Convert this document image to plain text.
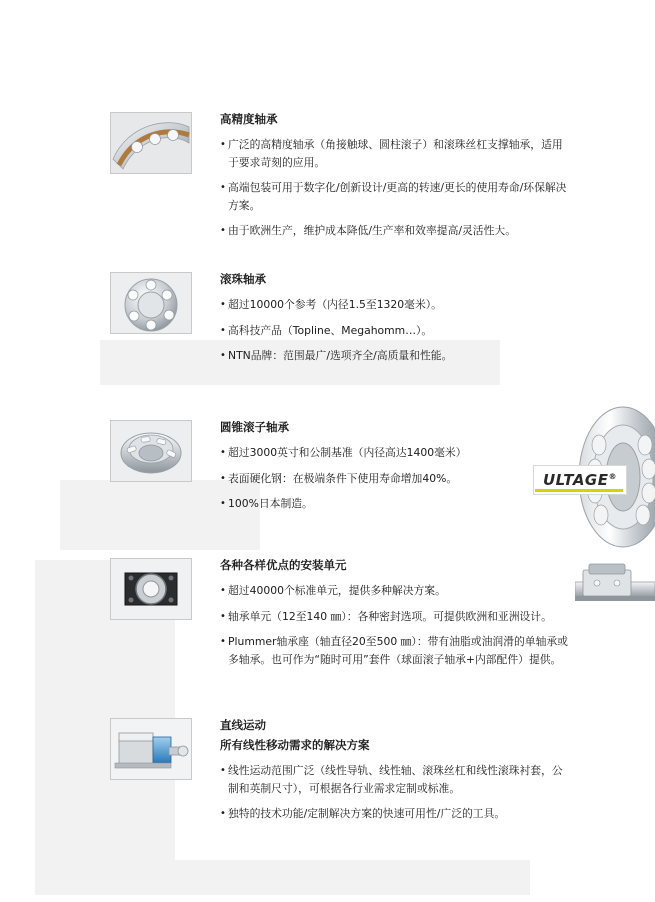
ULTAGE®
高精度轴承
• 广泛的高精度轴承（角接触球、圆柱滚子）和滚珠丝杠支撑轴承，适用于要求苛刻的应用。
• 高端包装可用于数字化/创新设计/更高的转速/更长的使用寿命/环保解决方案。
• 由于欧洲生产，维护成本降低/生产率和效率提高/灵活性大。
滚珠轴承
• 超过10000个参考（内径1.5至1320毫米）。
• 高科技产品（Topline、Megahomm…）。
• NTN品牌：范围最广/选项齐全/高质量和性能。
圆锥滚子轴承
• 超过3000英寸和公制基准（内径高达1400毫米）
• 表面硬化钢：在极端条件下使用寿命增加40%。
• 100%日本制造。
各种各样优点的安装单元
• 超过40000个标准单元，提供多种解决方案。
• 轴承单元（12至140 ㎜）：各种密封选项。可提供欧洲和亚洲设计。
• Plummer轴承座（轴直径20至500 ㎜）：带有油脂或油润滑的单轴承或多轴承。也可作为“随时可用”套件（球面滚子轴承+内部配件）提供。
直线运动
所有线性移动需求的解决方案
• 线性运动范围广泛（线性导轨、线性轴、滚珠丝杠和线性滚珠衬套，公制和英制尺寸），可根据各行业需求定制或标准。
• 独特的技术功能/定制解决方案的快速可用性/广泛的工具。
